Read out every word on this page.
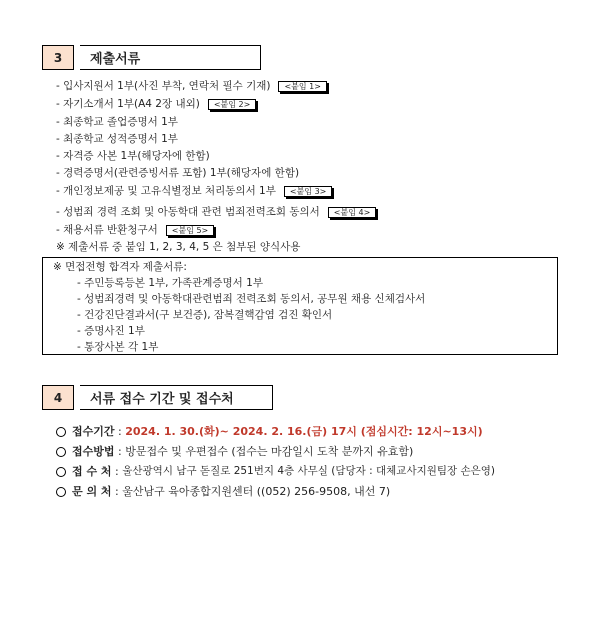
3	제출서류
- 입사지원서 1부(사진 부착, 연락처 필수 기재)	<붙임 1>
- 자기소개서 1부(A4 2장 내외)	<붙임 2>
- 최종학교 졸업증명서 1부
- 최종학교 성적증명서 1부
- 자격증 사본 1부(해당자에 한함)
- 경력증명서(관련증빙서류 포함) 1부(해당자에 한함)
- 개인정보제공 및 고유식별정보 처리동의서 1부	<붙임 3>
- 성범죄 경력 조회 및 아동학대 관련 범죄전력조회 동의서	<붙임 4>
- 채용서류 반환청구서	<붙임 5>
※ 제출서류 중 붙임 1, 2, 3, 4, 5 은 첨부된 양식사용
※ 면접전형 합격자 제출서류:
- 주민등록등본 1부, 가족관계증명서 1부
- 성범죄경력 및 아동학대관련범죄 전력조회 동의서, 공무원 채용 신체검사서
- 건강진단결과서(구 보건증), 잠복결핵감염 검진 확인서
- 증명사진 1부
- 통장사본 각 1부
4	서류 접수 기간 및 접수처
접수기간 : 2024. 1. 30.(화)~ 2024. 2. 16.(금) 17시 (점심시간: 12시~13시)
접수방법 : 방문접수 및 우편접수 (접수는 마감일시 도착 분까지 유효함)
접 수 처 : 울산광역시 남구 돋질로 251번지 4층 사무실 (담당자 : 대체교사지원팀장 손은영)
문 의 처 : 울산남구 육아종합지원센터 ((052) 256-9508, 내선 7)
